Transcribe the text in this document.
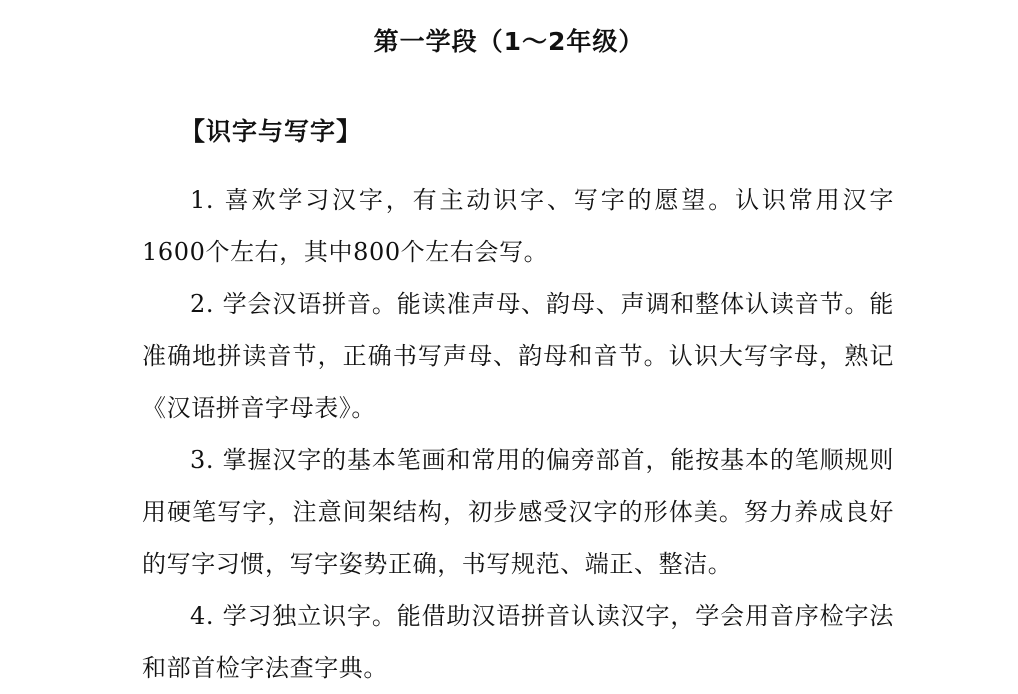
第一学段（1～2年级）
【识字与写字】

1. 喜欢学习汉字，有主动识字、写字的愿望。认识常用汉字1600个左右，其中800个左右会写。

2. 学会汉语拼音。能读准声母、韵母、声调和整体认读音节。能准确地拼读音节，正确书写声母、韵母和音节。认识大写字母，熟记《汉语拼音字母表》。

3. 掌握汉字的基本笔画和常用的偏旁部首，能按基本的笔顺规则用硬笔写字，注意间架结构，初步感受汉字的形体美。努力养成良好的写字习惯，写字姿势正确，书写规范、端正、整洁。

4. 学习独立识字。能借助汉语拼音认读汉字，学会用音序检字法和部首检字法查字典。
